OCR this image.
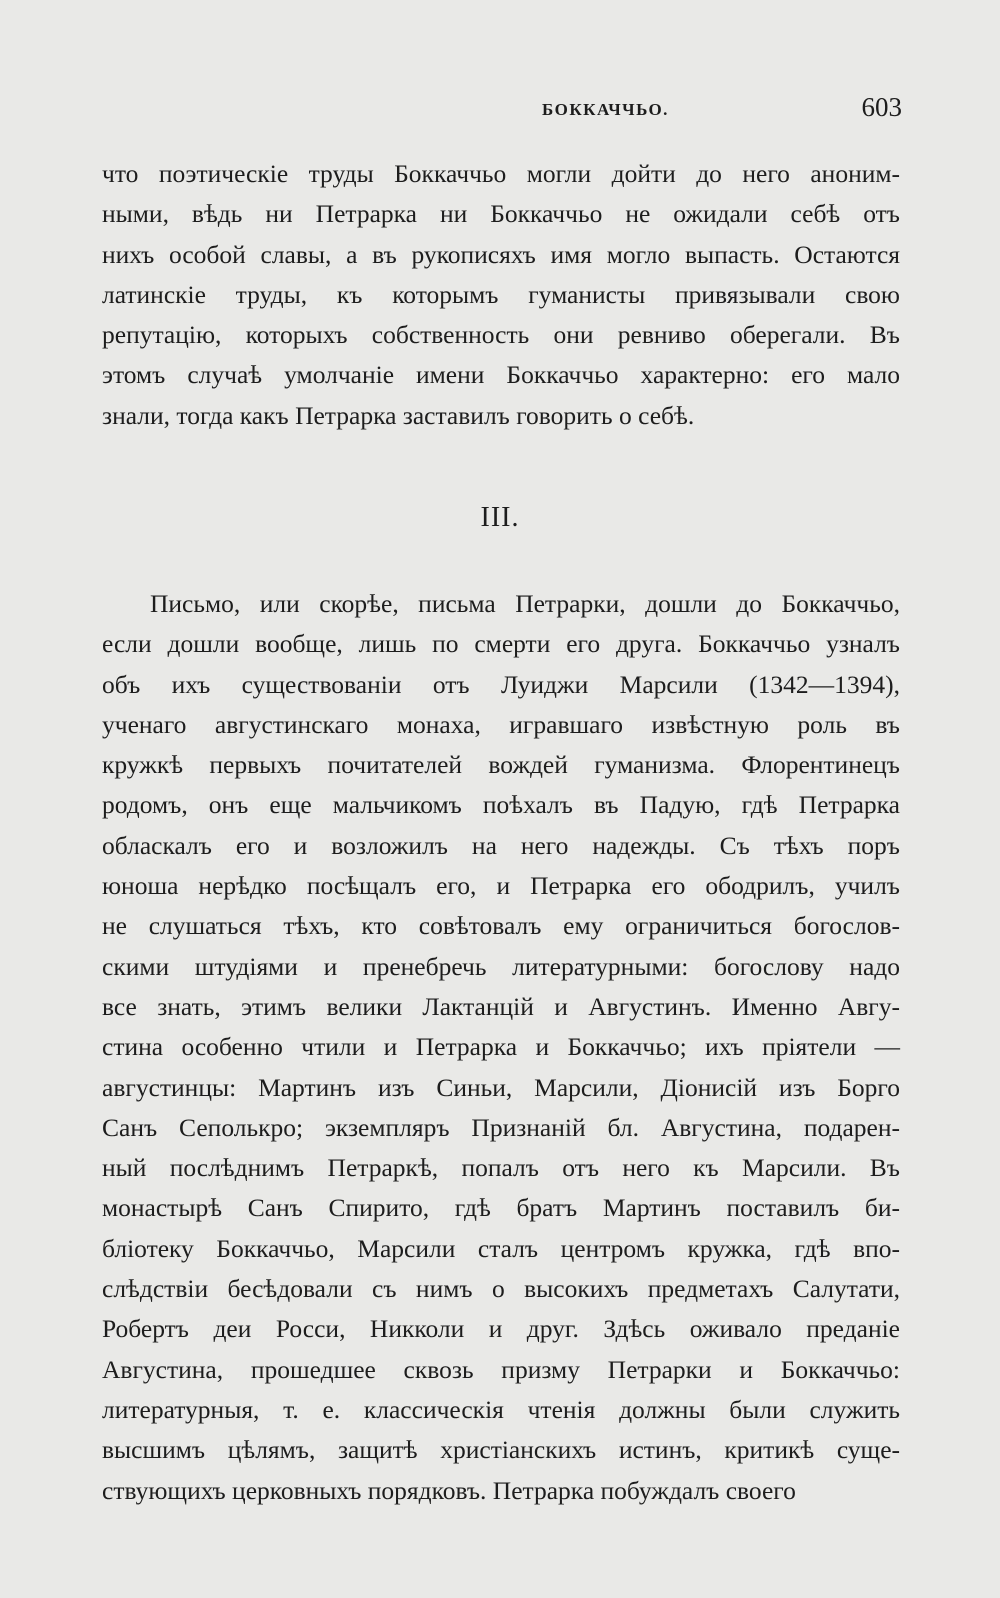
БОККАЧЧЬО.	603

что поэтическіе труды Боккаччьо могли дойти до него аноним-
ными, вѣдь ни Петрарка ни Боккаччьо не ожидали себѣ отъ
нихъ особой славы, а въ рукописяхъ имя могло выпасть. Остаются
латинскіе труды, къ которымъ гуманисты привязывали свою
репутацію, которыхъ собственность они ревниво оберегали. Въ
этомъ случаѣ умолчаніе имени Боккаччьо характерно: его мало
знали, тогда какъ Петрарка заставилъ говорить о себѣ.

III.

Письмо, или скорѣе, письма Петрарки, дошли до Боккаччьо,
если дошли вообще, лишь по смерти его друга. Боккаччьо узналъ
объ ихъ существованіи отъ Луиджи Марсили (1342—1394),
ученаго августинскаго монаха, игравшаго извѣстную роль въ
кружкѣ первыхъ почитателей вождей гуманизма. Флорентинецъ
родомъ, онъ еще мальчикомъ поѣхалъ въ Падую, гдѣ Петрарка
обласкалъ его и возложилъ на него надежды. Съ тѣхъ поръ
юноша нерѣдко посѣщалъ его, и Петрарка его ободрилъ, училъ
не слушаться тѣхъ, кто совѣтовалъ ему ограничиться богослов-
скими штудіями и пренебречь литературными: богослову надо
все знать, этимъ велики Лактанцій и Августинъ. Именно Авгу-
стина особенно чтили и Петрарка и Боккаччьо; ихъ пріятели —
августинцы: Мартинъ изъ Синьи, Марсили, Діонисій изъ Борго
Санъ Сеполькро; экземпляръ Признаній бл. Августина, подарен-
ный послѣднимъ Петраркѣ, попалъ отъ него къ Марсили. Въ
монастырѣ Санъ Спирито, гдѣ братъ Мартинъ поставилъ би-
бліотеку Боккаччьо, Марсили сталъ центромъ кружка, гдѣ впо-
слѣдствіи бесѣдовали съ нимъ о высокихъ предметахъ Салутати,
Робертъ деи Росси, Никколи и друг. Здѣсь оживало преданіе
Августина, прошедшее сквозь призму Петрарки и Боккаччьо:
литературныя, т. е. классическія чтенія должны были служить
высшимъ цѣлямъ, защитѣ христіанскихъ истинъ, критикѣ суще-
ствующихъ церковныхъ порядковъ. Петрарка побуждалъ своего
